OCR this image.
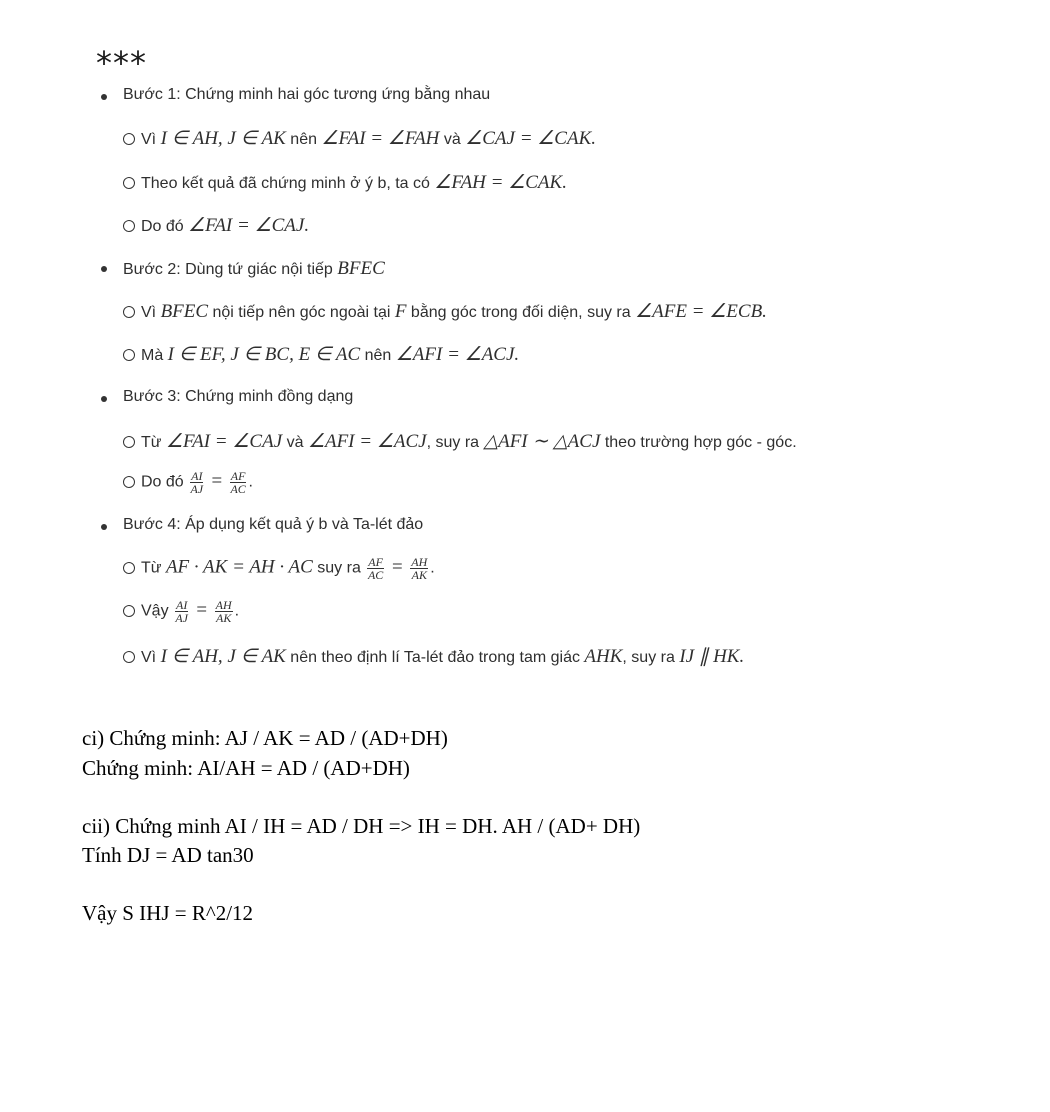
***
Bước 1: Chứng minh hai góc tương ứng bằng nhau
Vì I ∈ AH, J ∈ AK nên ∠FAI = ∠FAH và ∠CAJ = ∠CAK.
Theo kết quả đã chứng minh ở ý b, ta có ∠FAH = ∠CAK.
Do đó ∠FAI = ∠CAJ.
Bước 2: Dùng tứ giác nội tiếp BFEC
Vì BFEC nội tiếp nên góc ngoài tại F bằng góc trong đối diện, suy ra ∠AFE = ∠ECB.
Mà I ∈ EF, J ∈ BC, E ∈ AC nên ∠AFI = ∠ACJ.
Bước 3: Chứng minh đồng dạng
Từ ∠FAI = ∠CAJ và ∠AFI = ∠ACJ, suy ra △AFI ∼ △ACJ theo trường hợp góc - góc.
Do đó $\frac{AI}{AJ} = \frac{AF}{AC}$ .
Bước 4: Áp dụng kết quả ý b và Ta-lét đảo
Từ AF · AK = AH · AC suy ra $\frac{AF}{AC} = \frac{AH}{AK}$ .
Vậy $\frac{AI}{AJ} = \frac{AH}{AK}$ .
Vì I ∈ AH, J ∈ AK nên theo định lí Ta-lét đảo trong tam giác AHK, suy ra IJ ∥ HK.
ci) Chứng minh: AJ / AK = AD / (AD+DH)
Chứng minh: AI/AH = AD / (AD+DH)
cii) Chứng minh AI / IH = AD / DH => IH = DH. AH / (AD+ DH)
Tính DJ = AD tan30
Vậy S IHJ = R^2/12
